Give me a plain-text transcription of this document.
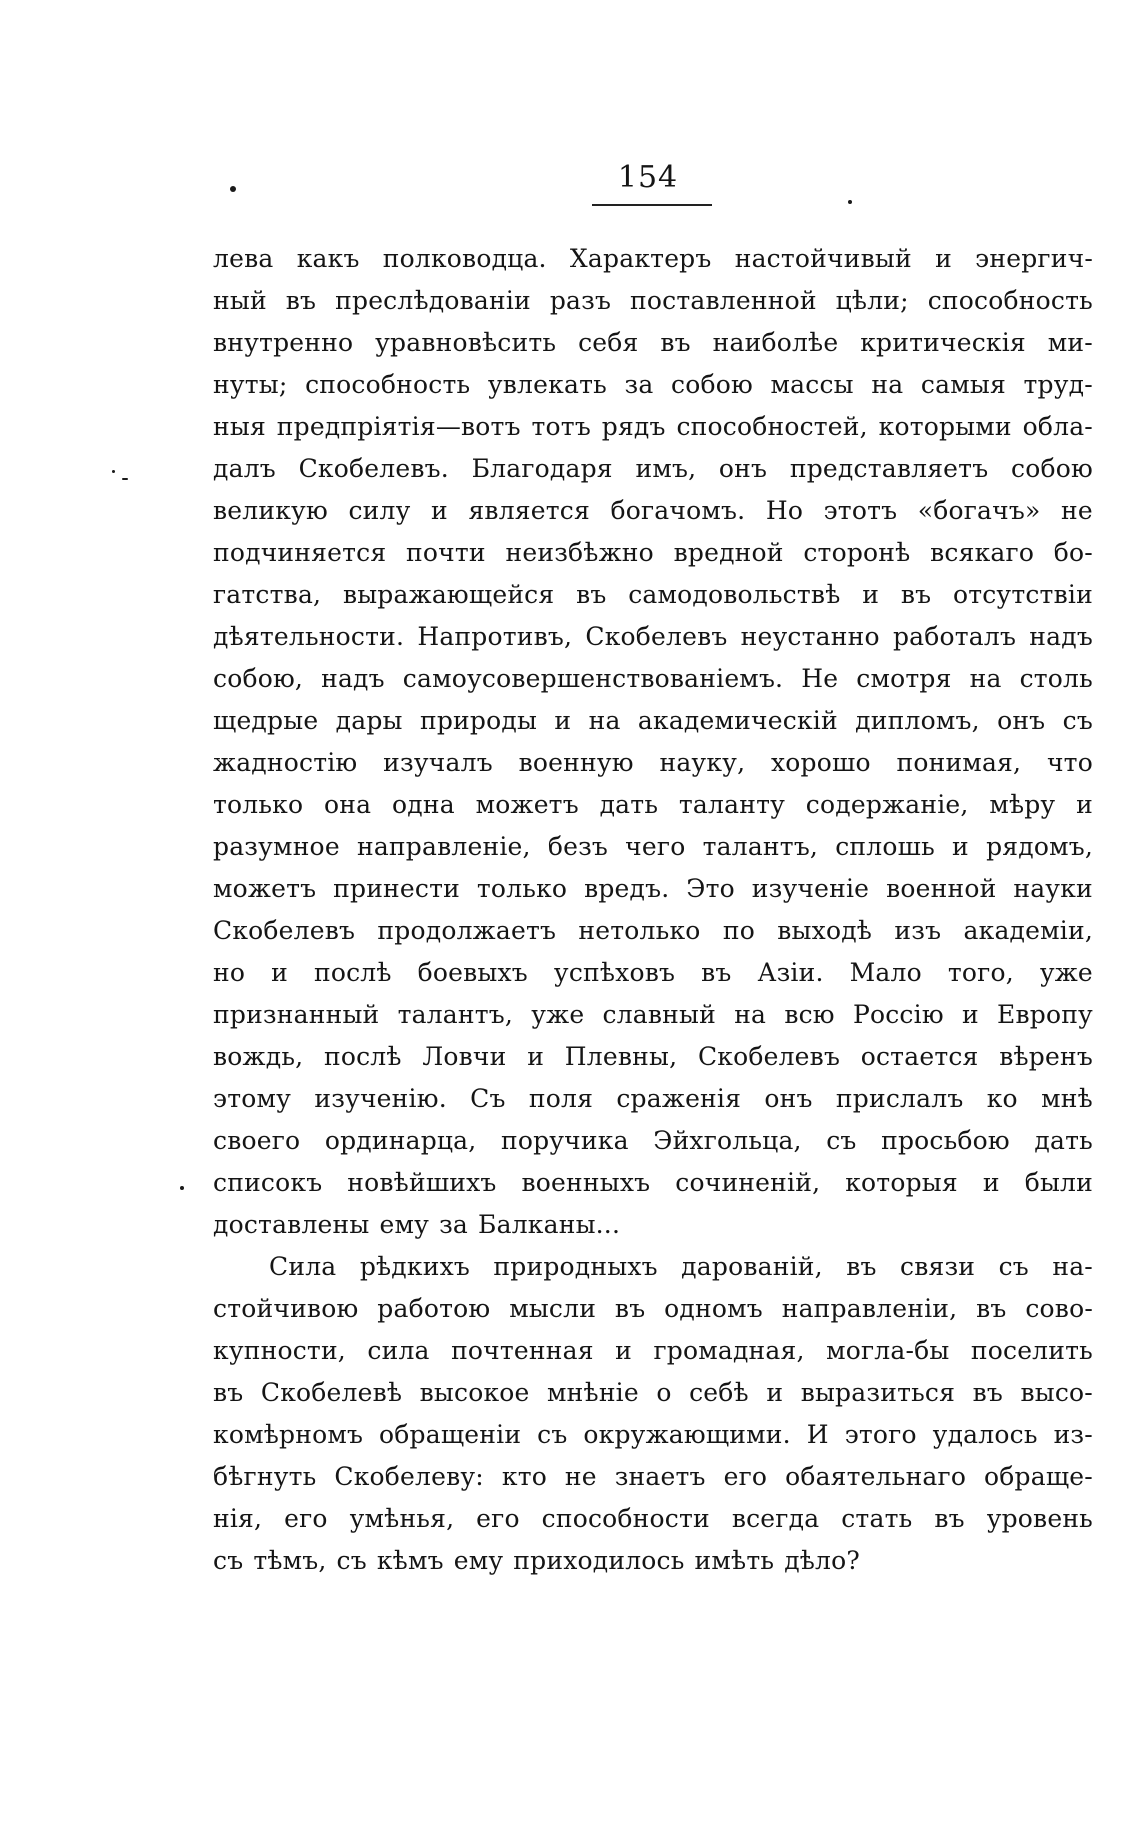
154
лева какъ полководца. Характеръ настойчивый и энергич-
ный въ преслѣдованіи разъ поставленной цѣли; способность
внутренно уравновѣсить себя въ наиболѣе критическія ми-
нуты; способность увлекать за собою массы на самыя труд-
ныя предпріятія—вотъ тотъ рядъ способностей, которыми обла-
далъ Скобелевъ. Благодаря имъ, онъ представляетъ собою
великую силу и является богачомъ. Но этотъ «богачъ» не
подчиняется почти неизбѣжно вредной сторонѣ всякаго бо-
гатства, выражающейся въ самодовольствѣ и въ отсутствіи
дѣятельности. Напротивъ, Скобелевъ неустанно работалъ надъ
собою, надъ самоусовершенствованіемъ. Не смотря на столь
щедрые дары природы и на академическій дипломъ, онъ съ
жадностію изучалъ военную науку, хорошо понимая, что
только она одна можетъ дать таланту содержаніе, мѣру и
разумное направленіе, безъ чего талантъ, сплошь и рядомъ,
можетъ принести только вредъ. Это изученіе военной науки
Скобелевъ продолжаетъ нетолько по выходѣ изъ академіи,
но и послѣ боевыхъ успѣховъ въ Азіи. Мало того, уже
признанный талантъ, уже славный на всю Россію и Европу
вождь, послѣ Ловчи и Плевны, Скобелевъ остается вѣренъ
этому изученію. Съ поля сраженія онъ прислалъ ко мнѣ
своего ординарца, поручика Эйхгольца, съ просьбою дать
списокъ новѣйшихъ военныхъ сочиненій, которыя и были
доставлены ему за Балканы...
Сила рѣдкихъ природныхъ дарованій, въ связи съ на-
стойчивою работою мысли въ одномъ направленіи, въ сово-
купности, сила почтенная и громадная, могла-бы поселить
въ Скобелевѣ высокое мнѣніе о себѣ и выразиться въ высо-
комѣрномъ обращеніи съ окружающими. И этого удалось из-
бѣгнуть Скобелеву: кто не знаетъ его обаятельнаго обраще-
нія, его умѣнья, его способности всегда стать въ уровень
съ тѣмъ, съ кѣмъ ему приходилось имѣть дѣло?
